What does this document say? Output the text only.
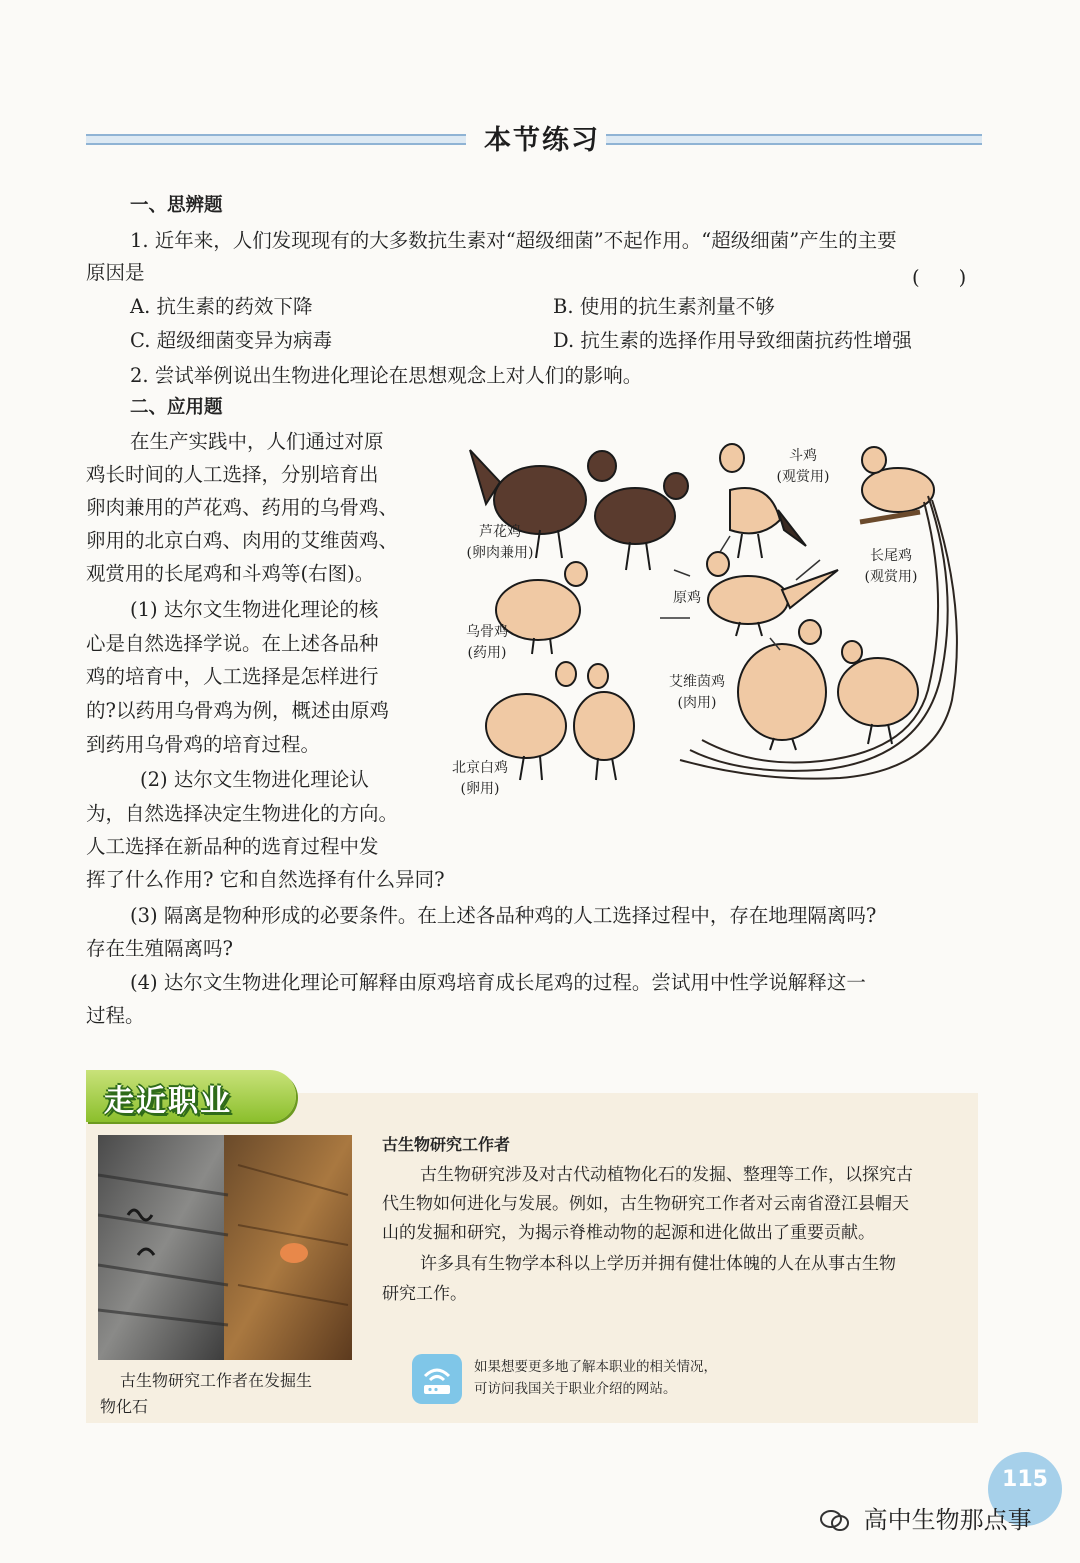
本节练习
一、思辨题
1. 近年来，人们发现现有的大多数抗生素对“超级细菌”不起作用。“超级细菌”产生的主要
原因是	(　　)
A. 抗生素的药效下降	B. 使用的抗生素剂量不够
C. 超级细菌变异为病毒	D. 抗生素的选择作用导致细菌抗药性增强
2. 尝试举例说出生物进化理论在思想观念上对人们的影响。
二、应用题
在生产实践中，人们通过对原
鸡长时间的人工选择，分别培育出
卵肉兼用的芦花鸡、药用的乌骨鸡、
卵用的北京白鸡、肉用的艾维茵鸡、
观赏用的长尾鸡和斗鸡等(右图)。
(1) 达尔文生物进化理论的核
心是自然选择学说。在上述各品种
鸡的培育中，人工选择是怎样进行
的?以药用乌骨鸡为例，概述由原鸡
到药用乌骨鸡的培育过程。
(2) 达尔文生物进化理论认
为，自然选择决定生物进化的方向。
人工选择在新品种的选育过程中发
挥了什么作用? 它和自然选择有什么异同?
(3) 隔离是物种形成的必要条件。在上述各品种鸡的人工选择过程中，存在地理隔离吗?
存在生殖隔离吗?
(4) 达尔文生物进化理论可解释由原鸡培育成长尾鸡的过程。尝试用中性学说解释这一
过程。
斗鸡
(观赏用)
芦花鸡
(卵肉兼用)	长尾鸡
(观赏用)
原鸡
乌骨鸡
(药用)
艾维茵鸡
(肉用)
北京白鸡
(卵用)
走近职业
古生物研究工作者在发掘生
物化石
古生物研究工作者
古生物研究涉及对古代动植物化石的发掘、整理等工作，以探究古
代生物如何进化与发展。例如，古生物研究工作者对云南省澄江县帽天
山的发掘和研究，为揭示脊椎动物的起源和进化做出了重要贡献。
许多具有生物学本科以上学历并拥有健壮体魄的人在从事古生物
研究工作。
如果想要更多地了解本职业的相关情况，
可访问我国关于职业介绍的网站。
115
高中生物那点事
